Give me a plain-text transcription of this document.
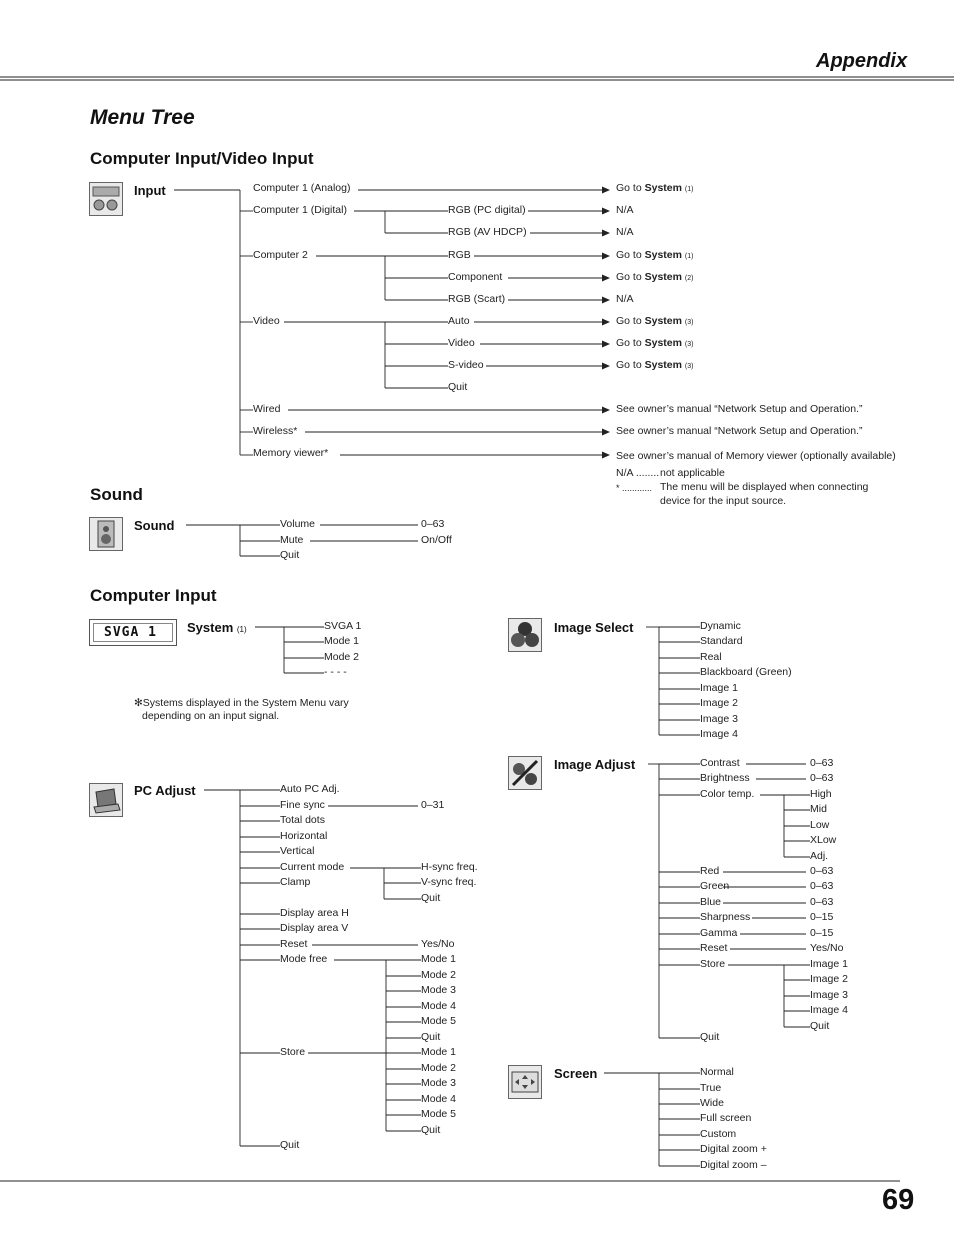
Appendix
Menu Tree
Computer Input/Video Input
Sound
Computer Input
SVGA 1
Input
Sound
System (1)
PC Adjust
Image Select
Image Adjust
Screen
Computer 1 (Analog)
Computer 1 (Digital)
Computer 2
Video
Wired
Wireless*
Memory viewer*
RGB (PC digital)
RGB (AV HDCP)
RGB
Component
RGB (Scart)
Auto
Video
S-video
Quit
Go to System (1)
N/A
N/A
Go to System (1)
Go to System (2)
N/A
Go to System (3)
Go to System (3)
Go to System (3)
See owner’s manual “Network Setup and Operation.”
See owner’s manual “Network Setup and Operation.”
See owner’s manual of Memory viewer (optionally available)
N/A ........ not applicable
* ............ The menu will be displayed when connecting
device for the input source.
Volume
Mute
Quit
0–63
On/Off
SVGA 1
Mode 1
Mode 2
- - - -
✻Systems displayed in the System Menu vary
depending on an input signal.
Auto PC Adj.
Fine sync
Total dots
Horizontal
Vertical
Current mode
Clamp
Display area H
Display area V
Reset
Mode free
Store
Quit
0–31
H-sync freq.
V-sync freq.
Quit
Yes/No
Mode 1
Mode 2
Mode 3
Mode 4
Mode 5
Quit
Mode 1
Mode 2
Mode 3
Mode 4
Mode 5
Quit
Dynamic
Standard
Real
Blackboard (Green)
Image 1
Image 2
Image 3
Image 4
Contrast
Brightness
Color temp.
Red
Green
Blue
Sharpness
Gamma
Reset
Store
Quit
0–63
0–63
0–63
0–63
0–63
0–15
0–15
Yes/No
High
Mid
Low
XLow
Adj.
Image 1
Image 2
Image 3
Image 4
Quit
Normal
True
Wide
Full screen
Custom
Digital zoom +
Digital zoom –
69
